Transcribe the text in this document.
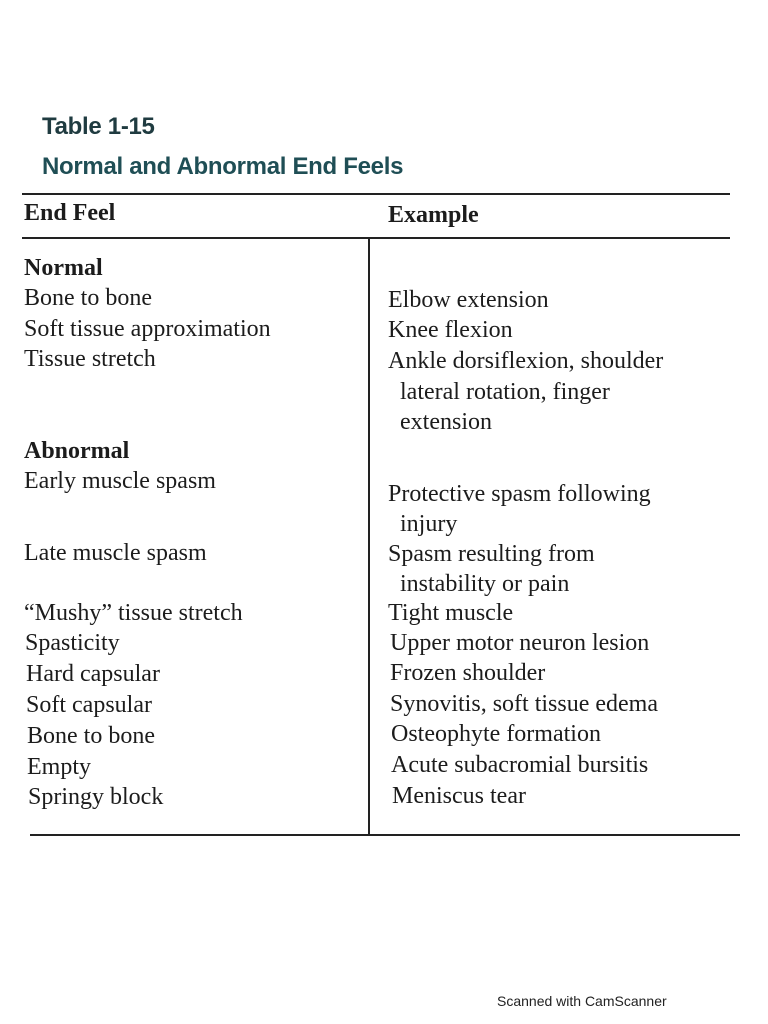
Table 1-15
Normal and Abnormal End Feels
End Feel	Example
Normal
Bone to bone	Elbow extension
Soft tissue approximation	Knee flexion
Tissue stretch	Ankle dorsiflexion, shoulder
lateral rotation, finger
extension
Abnormal
Early muscle spasm	Protective spasm following
injury
Late muscle spasm	Spasm resulting from
instability or pain
“Mushy” tissue stretch	Tight muscle
Spasticity	Upper motor neuron lesion
Hard capsular	Frozen shoulder
Soft capsular	Synovitis, soft tissue edema
Bone to bone	Osteophyte formation
Empty	Acute subacromial bursitis
Springy block	Meniscus tear
Scanned with CamScanner
